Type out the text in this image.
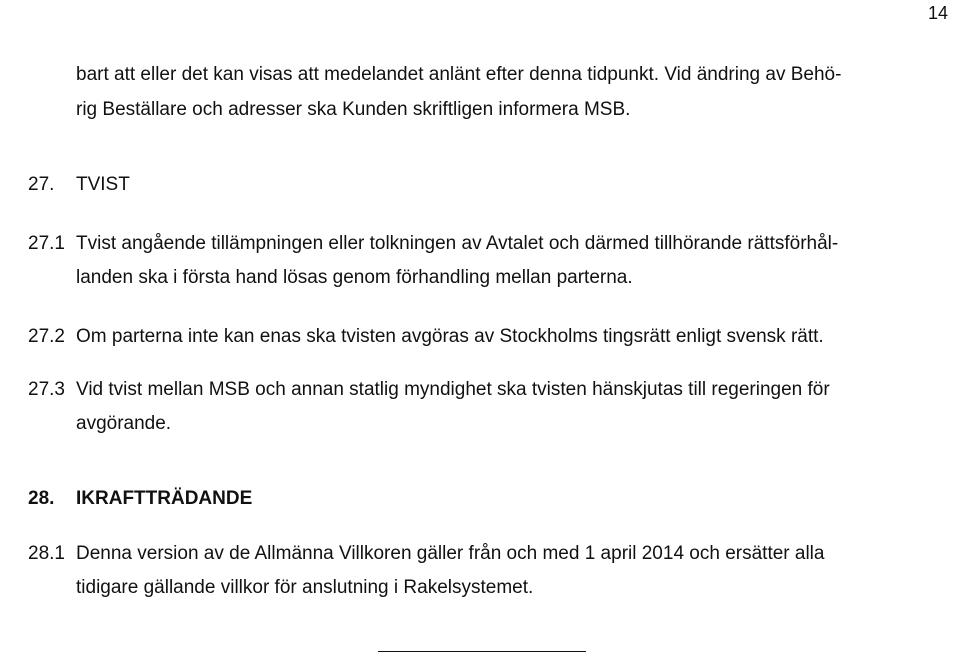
14
bart att eller det kan visas att medelandet anlänt efter denna tidpunkt. Vid ändring av Behö-
rig Beställare och adresser ska Kunden skriftligen informera MSB.
27. TVIST
27.1 Tvist angående tillämpningen eller tolkningen av Avtalet och därmed tillhörande rättsförhål-
landen ska i första hand lösas genom förhandling mellan parterna.
27.2 Om parterna inte kan enas ska tvisten avgöras av Stockholms tingsrätt enligt svensk rätt.
27.3 Vid tvist mellan MSB och annan statlig myndighet ska tvisten hänskjutas till regeringen för
avgörande.
28. IKRAFTTRÄDANDE
28.1 Denna version av de Allmänna Villkoren gäller från och med 1 april 2014 och ersätter alla
tidigare gällande villkor för anslutning i Rakelsystemet.
